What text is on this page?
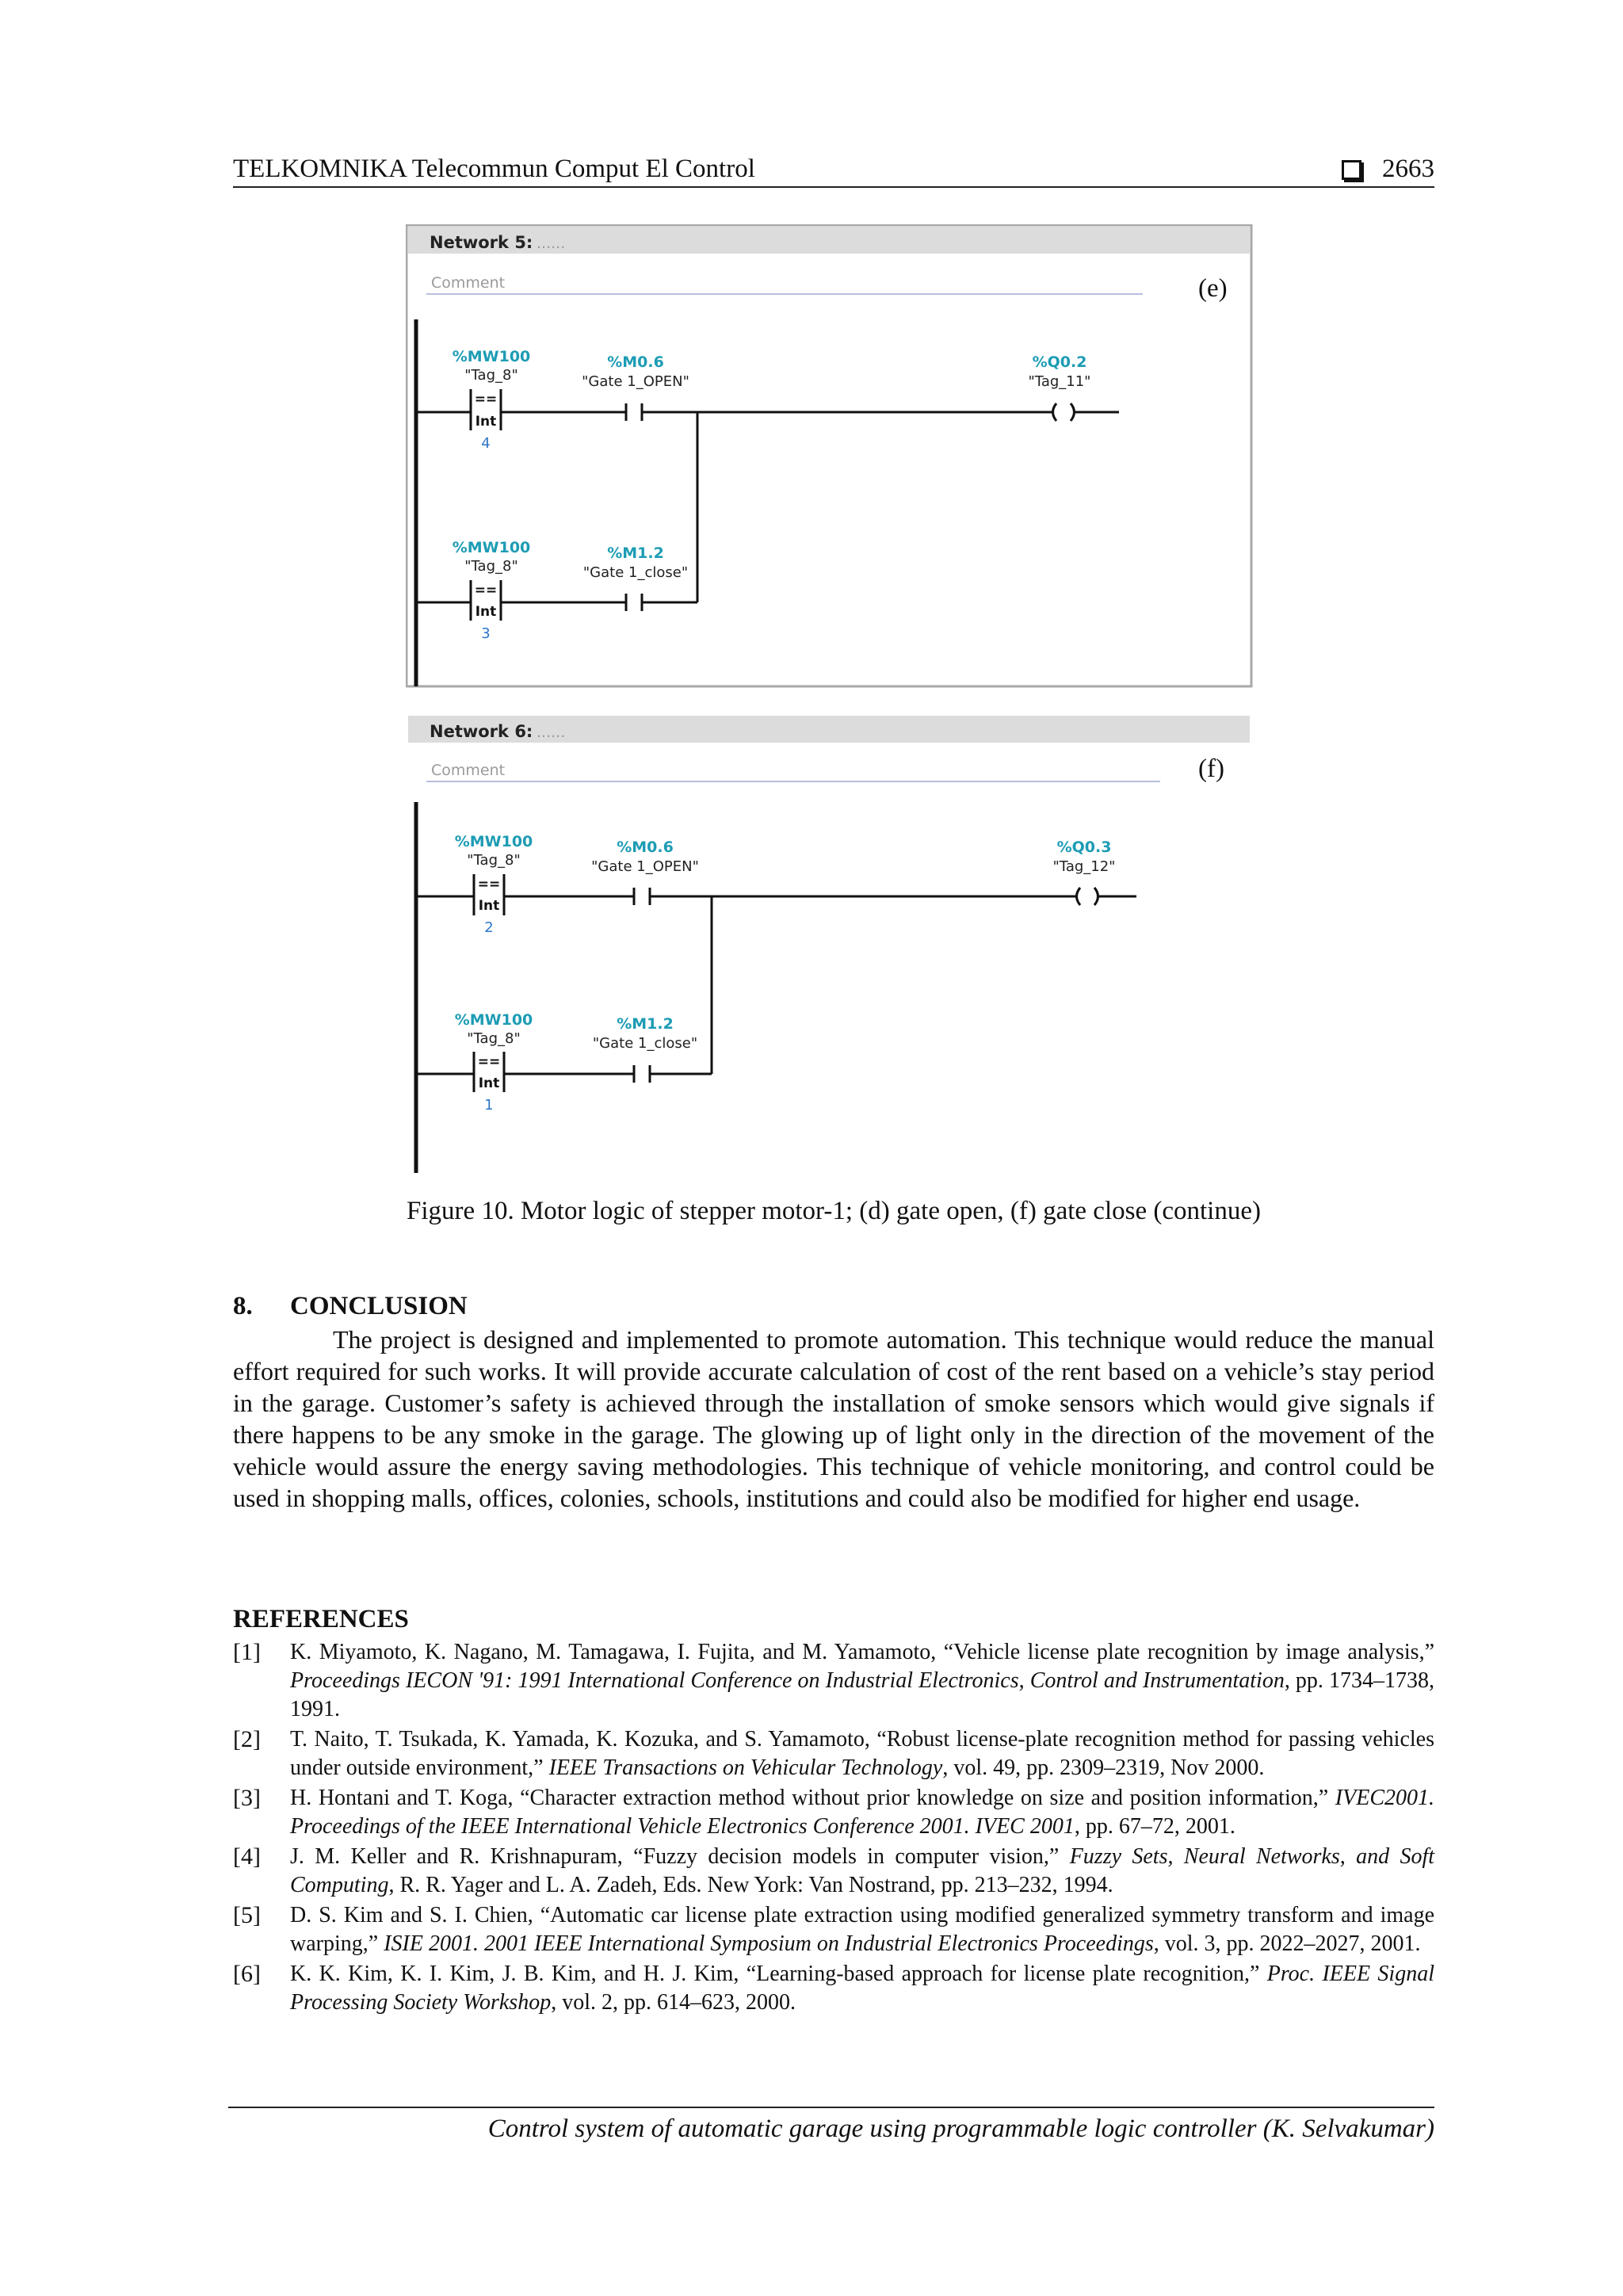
TELKOMNIKA Telecommun Comput El Control	2663
Network 5: ......
Comment
%MW100
"Tag_8"
==
Int
4
%M0.6
"Gate 1_OPEN"
%Q0.2
"Tag_11"
%MW100
"Tag_8"
==
Int
3
%M1.2
"Gate 1_close"
(e)
Network 6: ......
Comment
%MW100
"Tag_8"
==
Int
2
%M0.6
"Gate 1_OPEN"
%Q0.3
"Tag_12"
%MW100
"Tag_8"
==
Int
1
%M1.2
"Gate 1_close"
(f)
Figure 10. Motor logic of stepper motor-1; (d) gate open, (f) gate close (continue)
8. CONCLUSION
The project is designed and implemented to promote automation. This technique would reduce the manual effort required for such works. It will provide accurate calculation of cost of the rent based on a vehicle’s stay period in the garage. Customer’s safety is achieved through the installation of smoke sensors which would give signals if there happens to be any smoke in the garage. The glowing up of light only in the direction of the movement of the vehicle would assure the energy saving methodologies. This technique of vehicle monitoring, and control could be used in shopping malls, offices, colonies, schools, institutions and could also be modified for higher end usage.
REFERENCES
[1] K. Miyamoto, K. Nagano, M. Tamagawa, I. Fujita, and M. Yamamoto, “Vehicle license plate recognition by image analysis,” Proceedings IECON '91: 1991 International Conference on Industrial Electronics, Control and Instrumentation, pp. 1734–1738, 1991.
[2] T. Naito, T. Tsukada, K. Yamada, K. Kozuka, and S. Yamamoto, “Robust license-plate recognition method for passing vehicles under outside environment,” IEEE Transactions on Vehicular Technology, vol. 49, pp. 2309–2319, Nov 2000.
[3] H. Hontani and T. Koga, “Character extraction method without prior knowledge on size and position information,” IVEC2001. Proceedings of the IEEE International Vehicle Electronics Conference 2001. IVEC 2001, pp. 67–72, 2001.
[4] J. M. Keller and R. Krishnapuram, “Fuzzy decision models in computer vision,” Fuzzy Sets, Neural Networks, and Soft Computing, R. R. Yager and L. A. Zadeh, Eds. New York: Van Nostrand, pp. 213–232, 1994.
[5] D. S. Kim and S. I. Chien, “Automatic car license plate extraction using modified generalized symmetry transform and image warping,” ISIE 2001. 2001 IEEE International Symposium on Industrial Electronics Proceedings, vol. 3, pp. 2022–2027, 2001.
[6] K. K. Kim, K. I. Kim, J. B. Kim, and H. J. Kim, “Learning-based approach for license plate recognition,” Proc. IEEE Signal Processing Society Workshop, vol. 2, pp. 614–623, 2000.
Control system of automatic garage using programmable logic controller (K. Selvakumar)
